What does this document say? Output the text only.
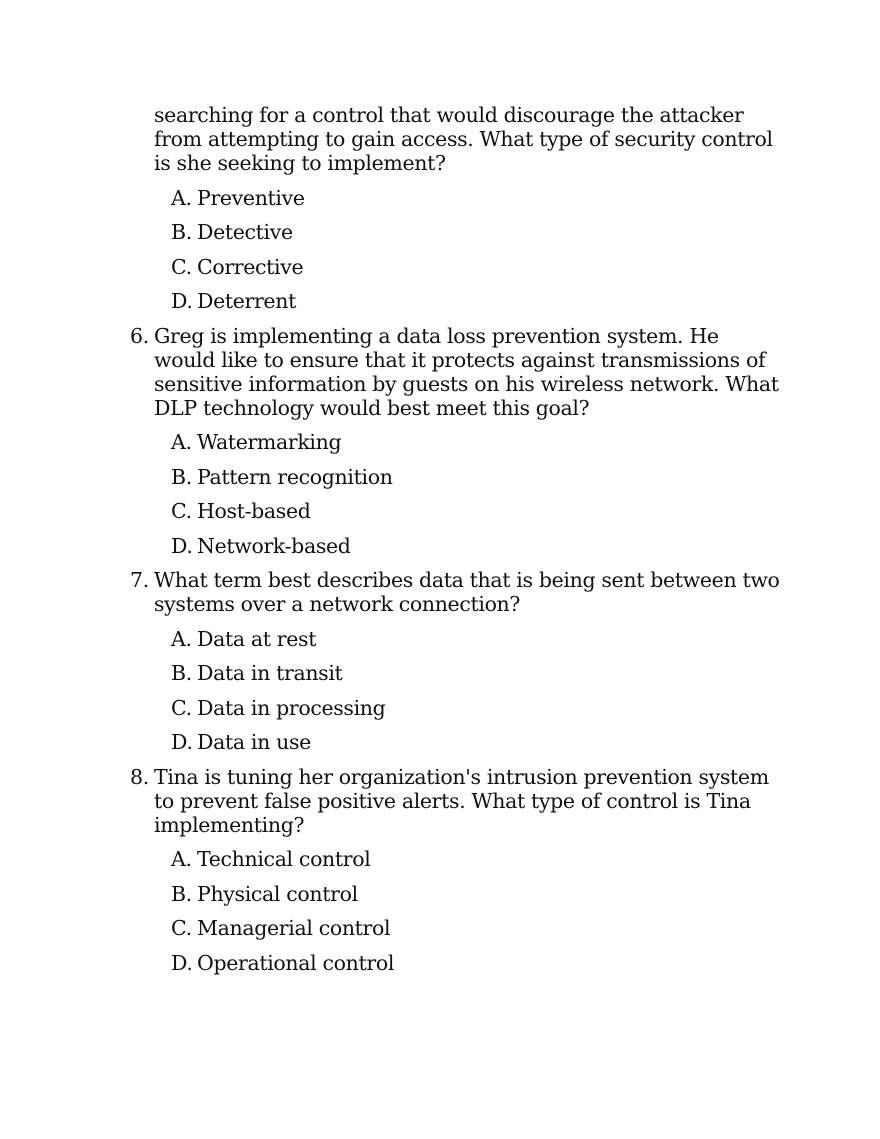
searching for a control that would discourage the attacker from attempting to gain access. What type of security control is she seeking to implement?
A. Preventive
B. Detective
C. Corrective
D. Deterrent
6. Greg is implementing a data loss prevention system. He would like to ensure that it protects against transmissions of sensitive information by guests on his wireless network. What DLP technology would best meet this goal?
A. Watermarking
B. Pattern recognition
C. Host-based
D. Network-based
7. What term best describes data that is being sent between two systems over a network connection?
A. Data at rest
B. Data in transit
C. Data in processing
D. Data in use
8. Tina is tuning her organization's intrusion prevention system to prevent false positive alerts. What type of control is Tina implementing?
A. Technical control
B. Physical control
C. Managerial control
D. Operational control
